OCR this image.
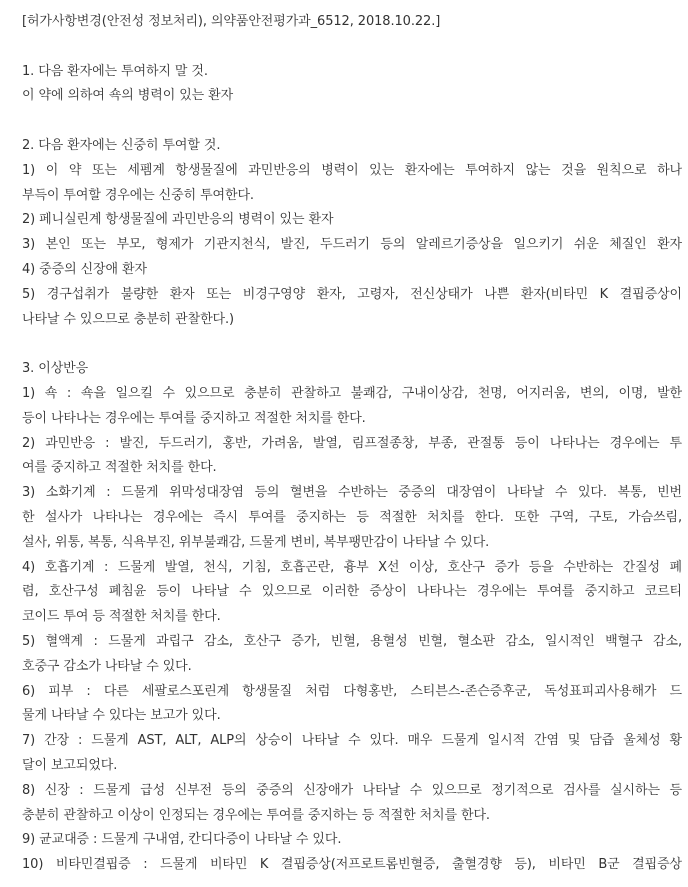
[허가사항변경(안전성 정보처리), 의약품안전평가과_6512, 2018.10.22.]
1. 다음 환자에는 투여하지 말 것.
이 약에 의하여 쇽의 병력이 있는 환자
2. 다음 환자에는 신중히 투여할 것.
1) 이 약 또는 세펨계 항생물질에 과민반응의 병력이 있는 환자에는 투여하지 않는 것을 원칙으로 하나
부득이 투여할 경우에는 신중히 투여한다.
2) 페니실린계 항생물질에 과민반응의 병력이 있는 환자
3) 본인 또는 부모, 형제가 기관지천식, 발진, 두드러기 등의 알레르기증상을 일으키기 쉬운 체질인 환자
4) 중증의 신장애 환자
5) 경구섭취가 불량한 환자 또는 비경구영양 환자, 고령자, 전신상태가 나쁜 환자(비타민 K 결핍증상이
나타날 수 있으므로 충분히 관찰한다.)
3. 이상반응
1) 쇽 : 쇽을 일으킬 수 있으므로 충분히 관찰하고 불쾌감, 구내이상감, 천명, 어지러움, 변의, 이명, 발한
등이 나타나는 경우에는 투여를 중지하고 적절한 처치를 한다.
2) 과민반응 : 발진, 두드러기, 홍반, 가려움, 발열, 림프절종창, 부종, 관절통 등이 나타나는 경우에는 투
여를 중지하고 적절한 처치를 한다.
3) 소화기계 : 드물게 위막성대장염 등의 혈변을 수반하는 중증의 대장염이 나타날 수 있다. 복통, 빈번
한 설사가 나타나는 경우에는 즉시 투여를 중지하는 등 적절한 처치를 한다. 또한 구역, 구토, 가슴쓰림,
설사, 위통, 복통, 식욕부진, 위부불쾌감, 드물게 변비, 복부팽만감이 나타날 수 있다.
4) 호흡기계 : 드물게 발열, 천식, 기침, 호흡곤란, 흉부 X선 이상, 호산구 증가 등을 수반하는 간질성 폐
렴, 호산구성 폐침윤 등이 나타날 수 있으므로 이러한 증상이 나타나는 경우에는 투여를 중지하고 코르티
코이드 투여 등 적절한 처치를 한다.
5) 혈액계 : 드물게 과립구 감소, 호산구 증가, 빈혈, 용혈성 빈혈, 혈소판 감소, 일시적인 백혈구 감소,
호중구 감소가 나타날 수 있다.
6) 피부 : 다른 세팔로스포린계 항생물질 처럼 다형홍반, 스티븐스-존슨증후군, 독성표피괴사용해가 드
물게 나타날 수 있다는 보고가 있다.
7) 간장 : 드물게 AST, ALT, ALP의 상승이 나타날 수 있다. 매우 드물게 일시적 간염 및 담즙 울체성 황
달이 보고되었다.
8) 신장 : 드물게 급성 신부전 등의 중증의 신장애가 나타날 수 있으므로 정기적으로 검사를 실시하는 등
충분히 관찰하고 이상이 인정되는 경우에는 투여를 중지하는 등 적절한 처치를 한다.
9) 균교대증 : 드물게 구내염, 칸디다증이 나타날 수 있다.
10) 비타민결핍증 : 드물게 비타민 K 결핍증상(저프로트롬빈혈증, 출혈경향 등), 비타민 B군 결핍증상
